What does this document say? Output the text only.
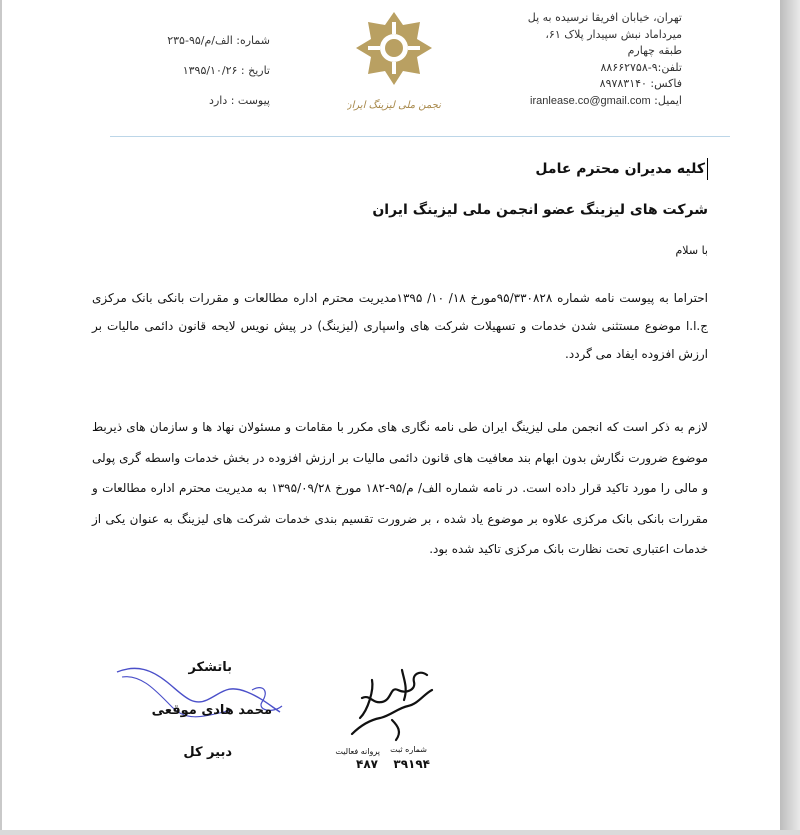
تهران، خیابان افریقا نرسیده به پل
میرداماد نبش سپیدار پلاک ۶۱،
طبقه چهارم
تلفن:۹-۸۸۶۶۲۷۵۸
فاکس: ۸۹۷۸۳۱۴۰
ایمیل: iranlease.co@gmail.com
انجمن ملی لیزینگ ایران
شماره: الف/م/۹۵-۲۳۵
تاریخ : ۱۳۹۵/۱۰/۲۶
پیوست : دارد
کلیه مدیران محترم عامل
شرکت های لیزینگ عضو انجمن ملی لیزینگ ایران
با سلام
احتراما به پیوست نامه شماره ۹۵/۳۳۰۸۲۸مورخ ۱۸/ ۱۰/ ۱۳۹۵مدیریت محترم اداره مطالعات و مقررات بانکی بانک مرکزی ج.ا.ا موضوع مستثنی شدن خدمات و تسهیلات شرکت های واسپاری (لیزینگ) در پیش نویس لایحه قانون دائمی مالیات بر ارزش افزوده ایفاد می گردد.
لازم به ذکر است که انجمن ملی لیزینگ ایران طی نامه نگاری های مکرر با مقامات و مسئولان نهاد ها و سازمان های ذیربط موضوع ضرورت نگارش بدون ابهام بند معافیت های قانون دائمی مالیات بر ارزش افزوده در بخش خدمات واسطه گری پولی و مالی را مورد تاکید قرار داده است. در نامه شماره الف/ م/۹۵-۱۸۲ مورخ ۱۳۹۵/۰۹/۲۸ به مدیریت محترم اداره مطالعات و مقررات بانکی بانک مرکزی علاوه بر موضوع یاد شده ، بر ضرورت تقسیم بندی خدمات شرکت های لیزینگ به عنوان یکی از خدمات اعتباری تحت نظارت بانک مرکزی تاکید شده بود.
باتشکر
محمد هادی موقعی
دبیر کل	شماره ثبت
پروانه فعالیت
۳۹۱۹۴
۴۸۷
